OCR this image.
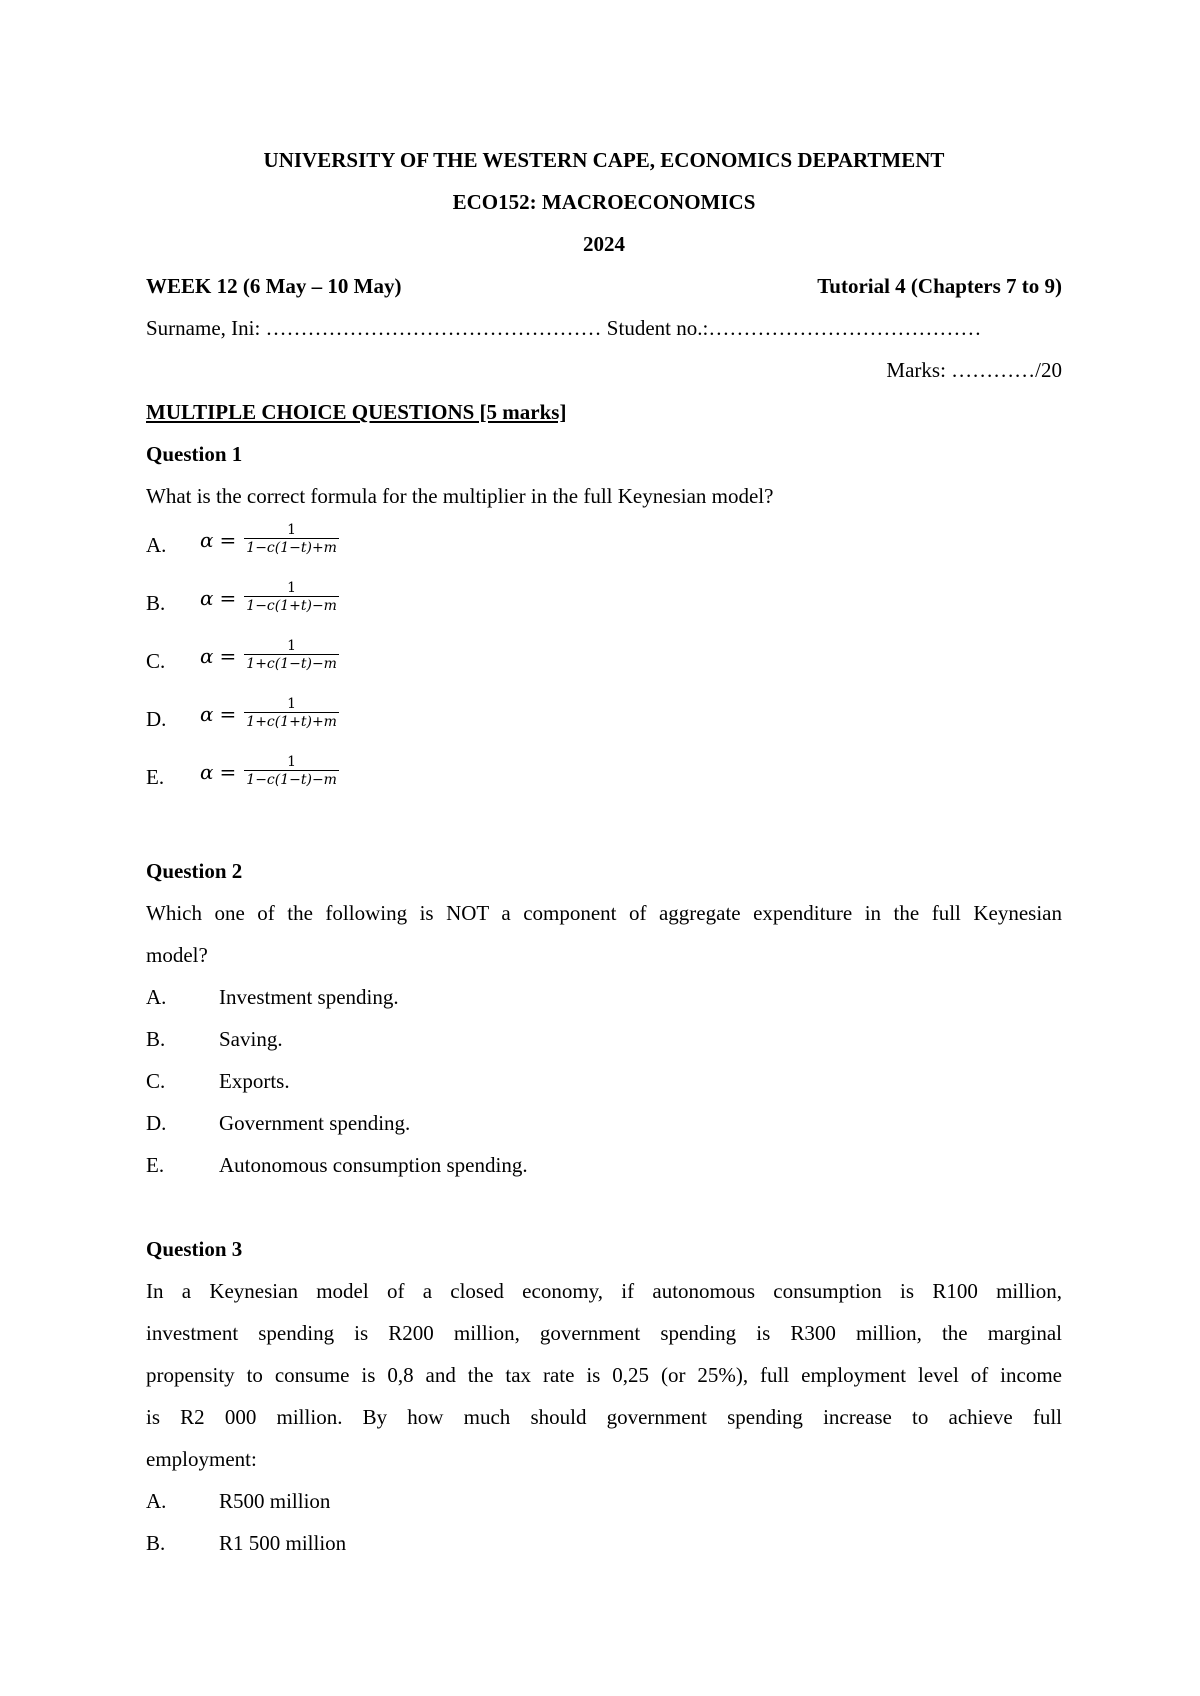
UNIVERSITY OF THE WESTERN CAPE, ECONOMICS DEPARTMENT
ECO152: MACROECONOMICS
2024
WEEK 12 (6 May – 10 May)	Tutorial 4 (Chapters 7 to 9)
Surname, Ini: ………………………………………… Student no.:…………………………………
Marks: …………/20
MULTIPLE CHOICE QUESTIONS [5 marks]
Question 1
What is the correct formula for the multiplier in the full Keynesian model?
A. $\alpha = \frac{1}{1-c(1-t)+m}$
B. $\alpha = \frac{1}{1-c(1+t)-m}$
C. $\alpha = \frac{1}{1+c(1-t)-m}$
D. $\alpha = \frac{1}{1+c(1+t)+m}$
E. $\alpha = \frac{1}{1-c(1-t)-m}$
Question 2
Which one of the following is NOT a component of aggregate expenditure in the full Keynesian
model?
A.	Investment spending.
B.	Saving.
C.	Exports.
D.	Government spending.
E.	Autonomous consumption spending.
Question 3
In a Keynesian model of a closed economy, if autonomous consumption is R100 million,
investment spending is R200 million, government spending is R300 million, the marginal
propensity to consume is 0,8 and the tax rate is 0,25 (or 25%), full employment level of income
is R2 000 million. By how much should government spending increase to achieve full
employment:
A.	R500 million
B.	R1 500 million
